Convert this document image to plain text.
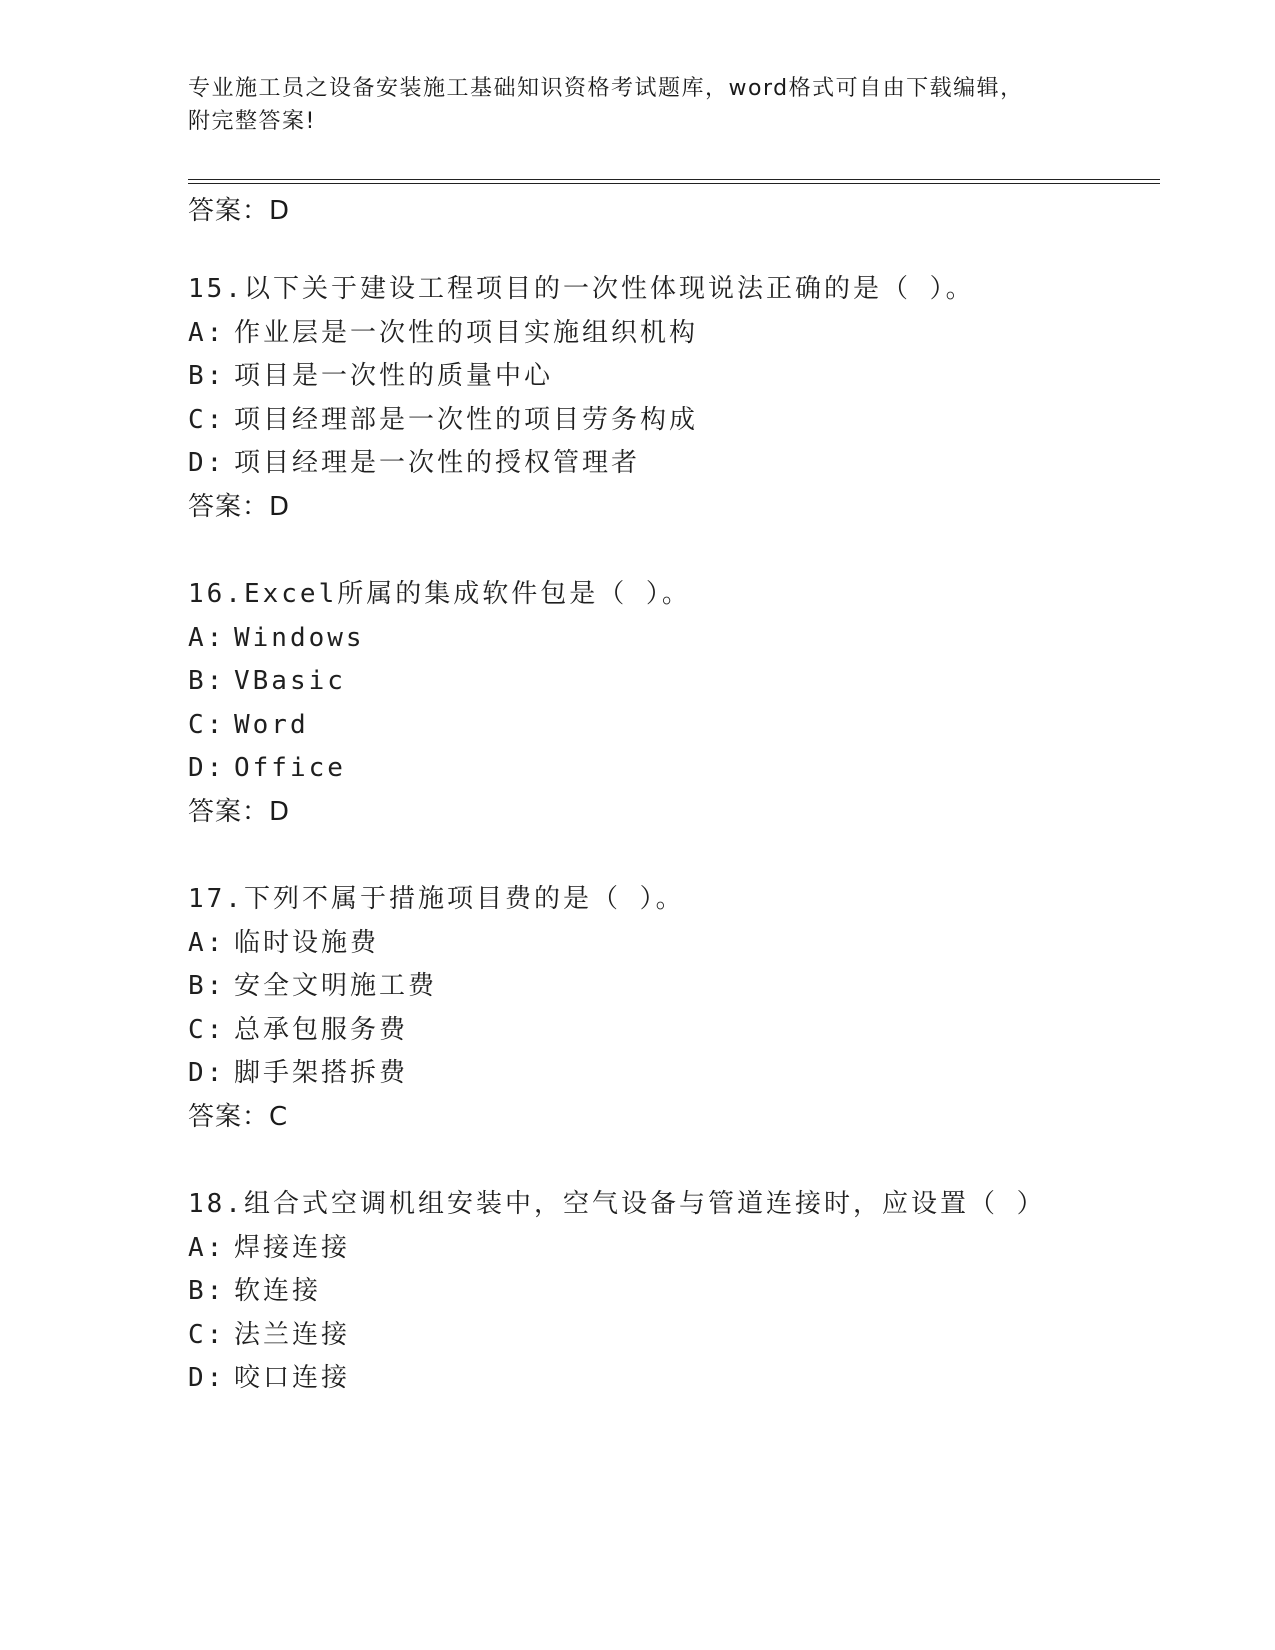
专业施工员之设备安装施工基础知识资格考试题库，word格式可自由下载编辑，
附完整答案!
答案：D
15.以下关于建设工程项目的一次性体现说法正确的是（ ）。
A: 作业层是一次性的项目实施组织机构
B: 项目是一次性的质量中心
C: 项目经理部是一次性的项目劳务构成
D: 项目经理是一次性的授权管理者
答案：D
16.Excel所属的集成软件包是（ ）。
A: Windows
B: VBasic
C: Word
D: Office
答案：D
17.下列不属于措施项目费的是（ ）。
A: 临时设施费
B: 安全文明施工费
C: 总承包服务费
D: 脚手架搭拆费
答案：C
18.组合式空调机组安装中，空气设备与管道连接时，应设置（ ）
A: 焊接连接
B: 软连接
C: 法兰连接
D: 咬口连接
